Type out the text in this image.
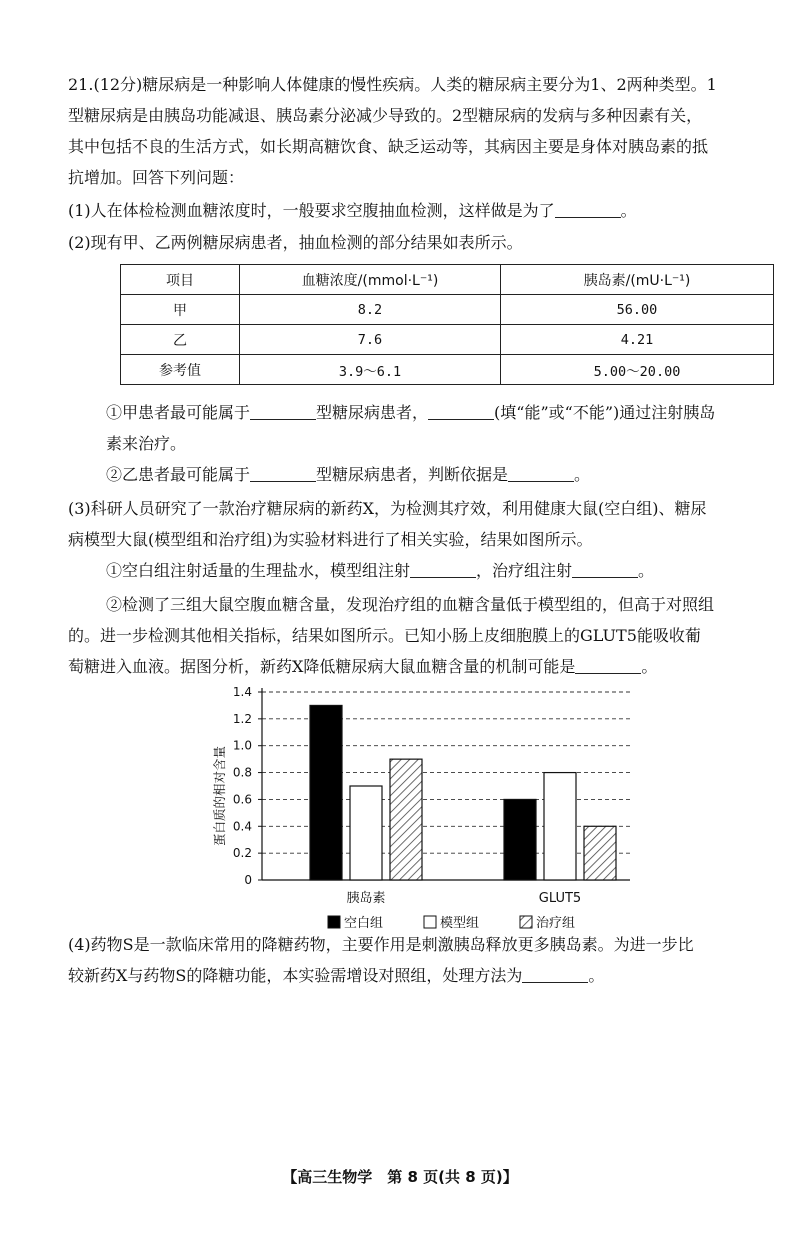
21.(12分)糖尿病是一种影响人体健康的慢性疾病。人类的糖尿病主要分为1、2两种类型。1

型糖尿病是由胰岛功能减退、胰岛素分泌减少导致的。2型糖尿病的发病与多种因素有关，

其中包括不良的生活方式，如长期高糖饮食、缺乏运动等，其病因主要是身体对胰岛素的抵

抗增加。回答下列问题：

(1)人在体检检测血糖浓度时，一般要求空腹抽血检测，这样做是为了	。

(2)现有甲、乙两例糖尿病患者，抽血检测的部分结果如表所示。

项目	血糖浓度/(mmol·L⁻¹)	胰岛素/(mU·L⁻¹)
甲	8.2	56.00
乙	7.6	4.21
参考值	3.9～6.1	5.00～20.00

①甲患者最可能属于	型糖尿病患者，	(填“能”或“不能”)通过注射胰岛

素来治疗。

②乙患者最可能属于	型糖尿病患者，判断依据是	。

(3)科研人员研究了一款治疗糖尿病的新药X，为检测其疗效，利用健康大鼠(空白组)、糖尿

病模型大鼠(模型组和治疗组)为实验材料进行了相关实验，结果如图所示。

①空白组注射适量的生理盐水，模型组注射	，治疗组注射	。

②检测了三组大鼠空腹血糖含量，发现治疗组的血糖含量低于模型组的，但高于对照组

的。进一步检测其他相关指标，结果如图所示。已知小肠上皮细胞膜上的GLUT5能吸收葡

萄糖进入血液。据图分析，新药X降低糖尿病大鼠血糖含量的机制可能是	。

蛋白质的相对含量
0
0.2
0.4
0.6
0.8
1.0
1.2
1.4
胰岛素	GLUT5
空白组	模型组	治疗组

(4)药物S是一款临床常用的降糖药物，主要作用是刺激胰岛释放更多胰岛素。为进一步比

较新药X与药物S的降糖功能，本实验需增设对照组，处理方法为	。

【高三生物学　第 8 页(共 8 页)】
